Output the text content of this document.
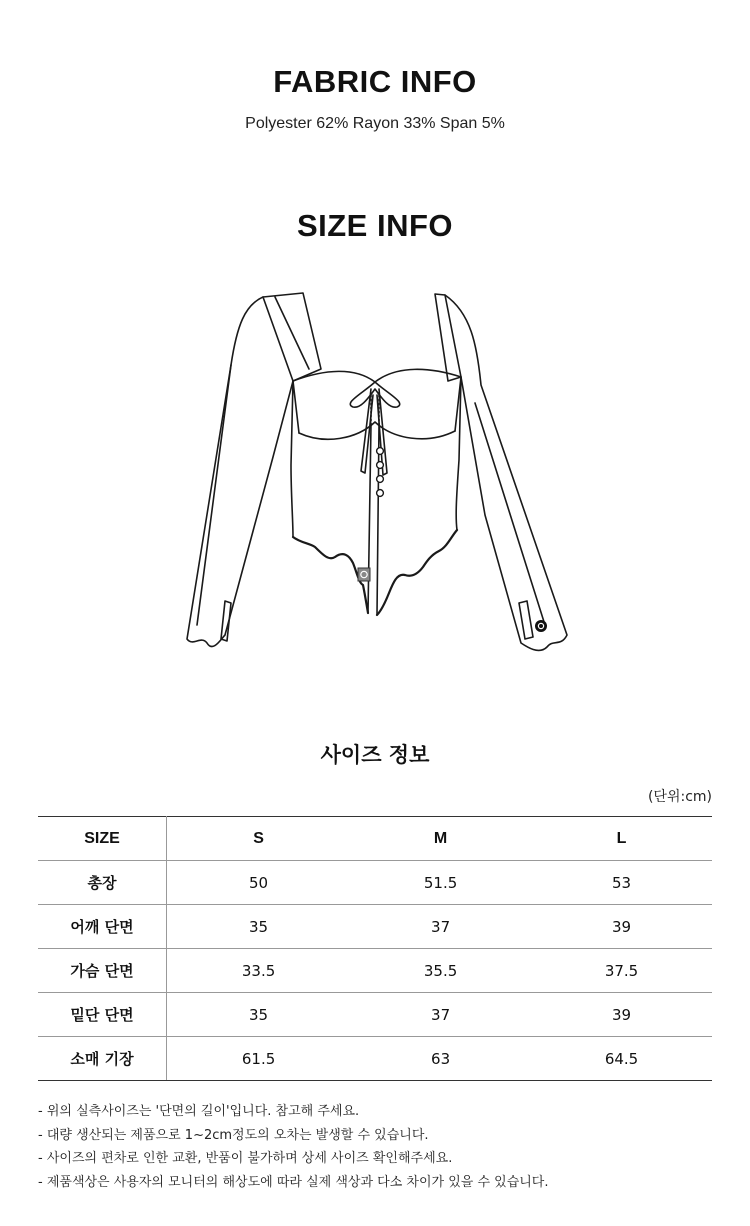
FABRIC INFO
Polyester 62% Rayon 33% Span 5%
SIZE INFO
사이즈 정보
(단위:cm)
SIZE	S	M	L
총장	50	51.5	53
어깨 단면	35	37	39
가슴 단면	33.5	35.5	37.5
밑단 단면	35	37	39
소매 기장	61.5	63	64.5
- 위의 실측사이즈는 '단면의 길이'입니다. 참고해 주세요.
- 대량 생산되는 제품으로 1~2cm정도의 오차는 발생할 수 있습니다.
- 사이즈의 편차로 인한 교환, 반품이 불가하며 상세 사이즈 확인해주세요.
- 제품색상은 사용자의 모니터의 해상도에 따라 실제 색상과 다소 차이가 있을 수 있습니다.
